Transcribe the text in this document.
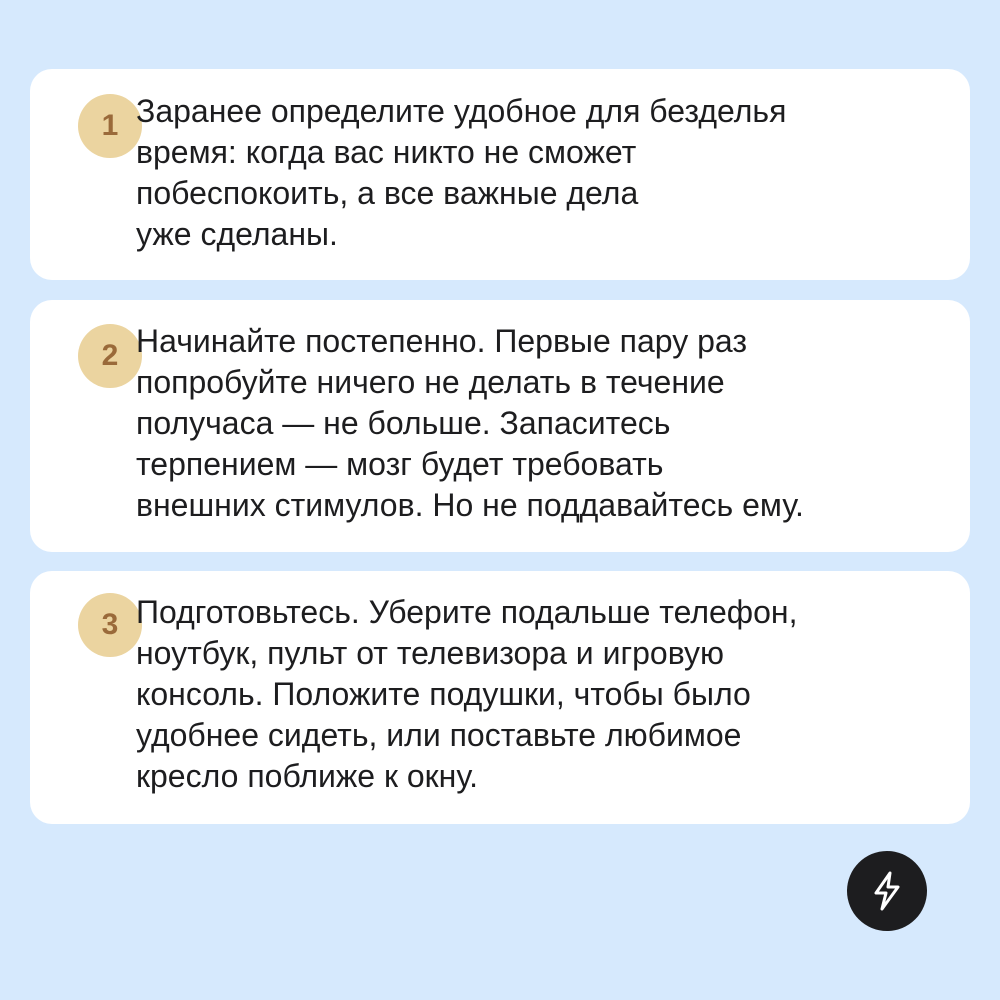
1 Заранее определите удобное для безделья
время: когда вас никто не сможет
побеспокоить, а все важные дела
уже сделаны.

2 Начинайте постепенно. Первые пару раз
попробуйте ничего не делать в течение
получаса — не больше. Запаситесь
терпением — мозг будет требовать
внешних стимулов. Но не поддавайтесь ему.

3 Подготовьтесь. Уберите подальше телефон,
ноутбук, пульт от телевизора и игровую
консоль. Положите подушки, чтобы было
удобнее сидеть, или поставьте любимое
кресло поближе к окну.
